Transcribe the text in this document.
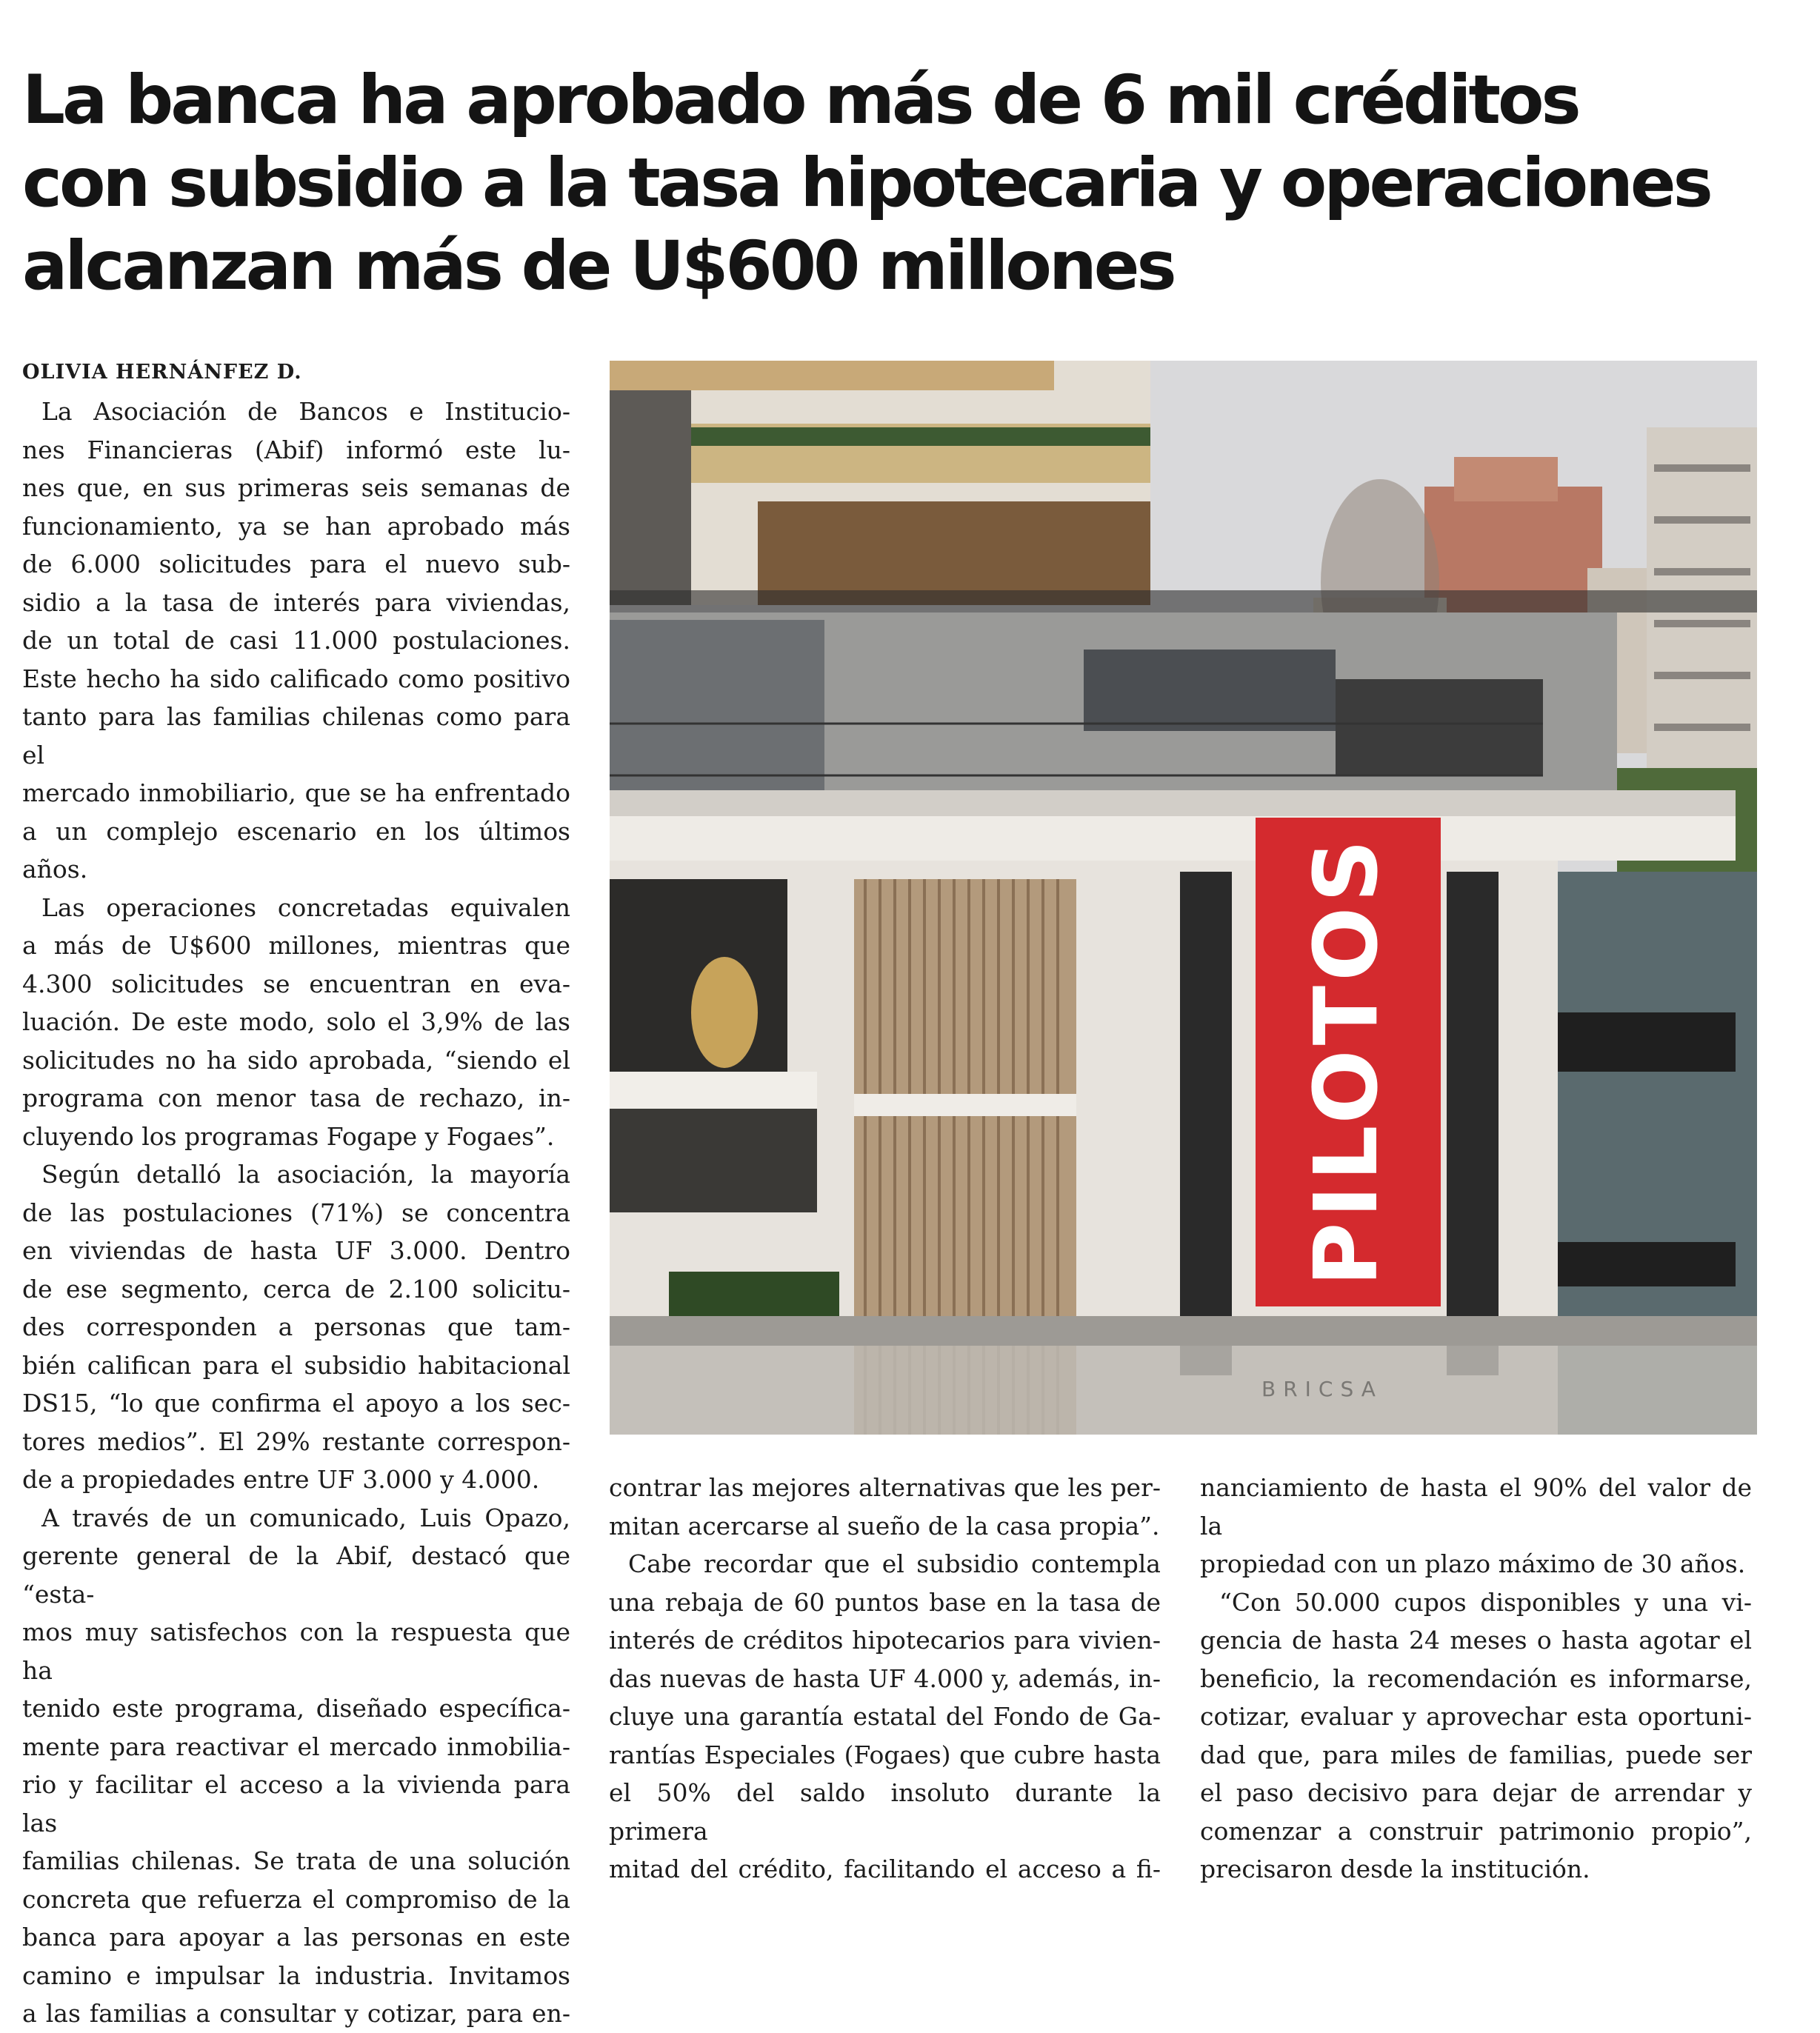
La banca ha aprobado más de 6 mil créditos
con subsidio a la tasa hipotecaria y operaciones
alcanzan más de U$600 millones
OLIVIA HERNÁNFEZ D.

La Asociación de Bancos e Institucio-

nes Financieras (Abif) informó este lu-

nes que, en sus primeras seis semanas de

funcionamiento, ya se han aprobado más

de 6.000 solicitudes para el nuevo sub-

sidio a la tasa de interés para viviendas,

de un total de casi 11.000 postulaciones.

Este hecho ha sido calificado como positivo

tanto para las familias chilenas como para el

mercado inmobiliario, que se ha enfrentado

a un complejo escenario en los últimos años.

Las operaciones concretadas equivalen

a más de U$600 millones, mientras que

4.300 solicitudes se encuentran en eva-

luación. De este modo, solo el 3,9% de las

solicitudes no ha sido aprobada, “siendo el

programa con menor tasa de rechazo, in-

cluyendo los programas Fogape y Fogaes”.

Según detalló la asociación, la mayoría

de las postulaciones (71%) se concentra

en viviendas de hasta UF 3.000. Dentro

de ese segmento, cerca de 2.100 solicitu-

des corresponden a personas que tam-

bién califican para el subsidio habitacional

DS15, “lo que confirma el apoyo a los sec-

tores medios”. El 29% restante correspon-

de a propiedades entre UF 3.000 y 4.000.

A través de un comunicado, Luis Opazo,

gerente general de la Abif, destacó que “esta-

mos muy satisfechos con la respuesta que ha

tenido este programa, diseñado específica-

mente para reactivar el mercado inmobilia-

rio y facilitar el acceso a la vivienda para las

familias chilenas. Se trata de una solución

concreta que refuerza el compromiso de la

banca para apoyar a las personas en este

camino e impulsar la industria. Invitamos

a las familias a consultar y cotizar, para en-

PILOTOS
BRICSA

contrar las mejores alternativas que les per-

mitan acercarse al sueño de la casa propia”.

Cabe recordar que el subsidio contempla

una rebaja de 60 puntos base en la tasa de

interés de créditos hipotecarios para vivien-

das nuevas de hasta UF 4.000 y, además, in-

cluye una garantía estatal del Fondo de Ga-

rantías Especiales (Fogaes) que cubre hasta

el 50% del saldo insoluto durante la primera

mitad del crédito, facilitando el acceso a fi-

nanciamiento de hasta el 90% del valor de la

propiedad con un plazo máximo de 30 años.

“Con 50.000 cupos disponibles y una vi-

gencia de hasta 24 meses o hasta agotar el

beneficio, la recomendación es informarse,

cotizar, evaluar y aprovechar esta oportuni-

dad que, para miles de familias, puede ser

el paso decisivo para dejar de arrendar y

comenzar a construir patrimonio propio”,

precisaron desde la institución.
